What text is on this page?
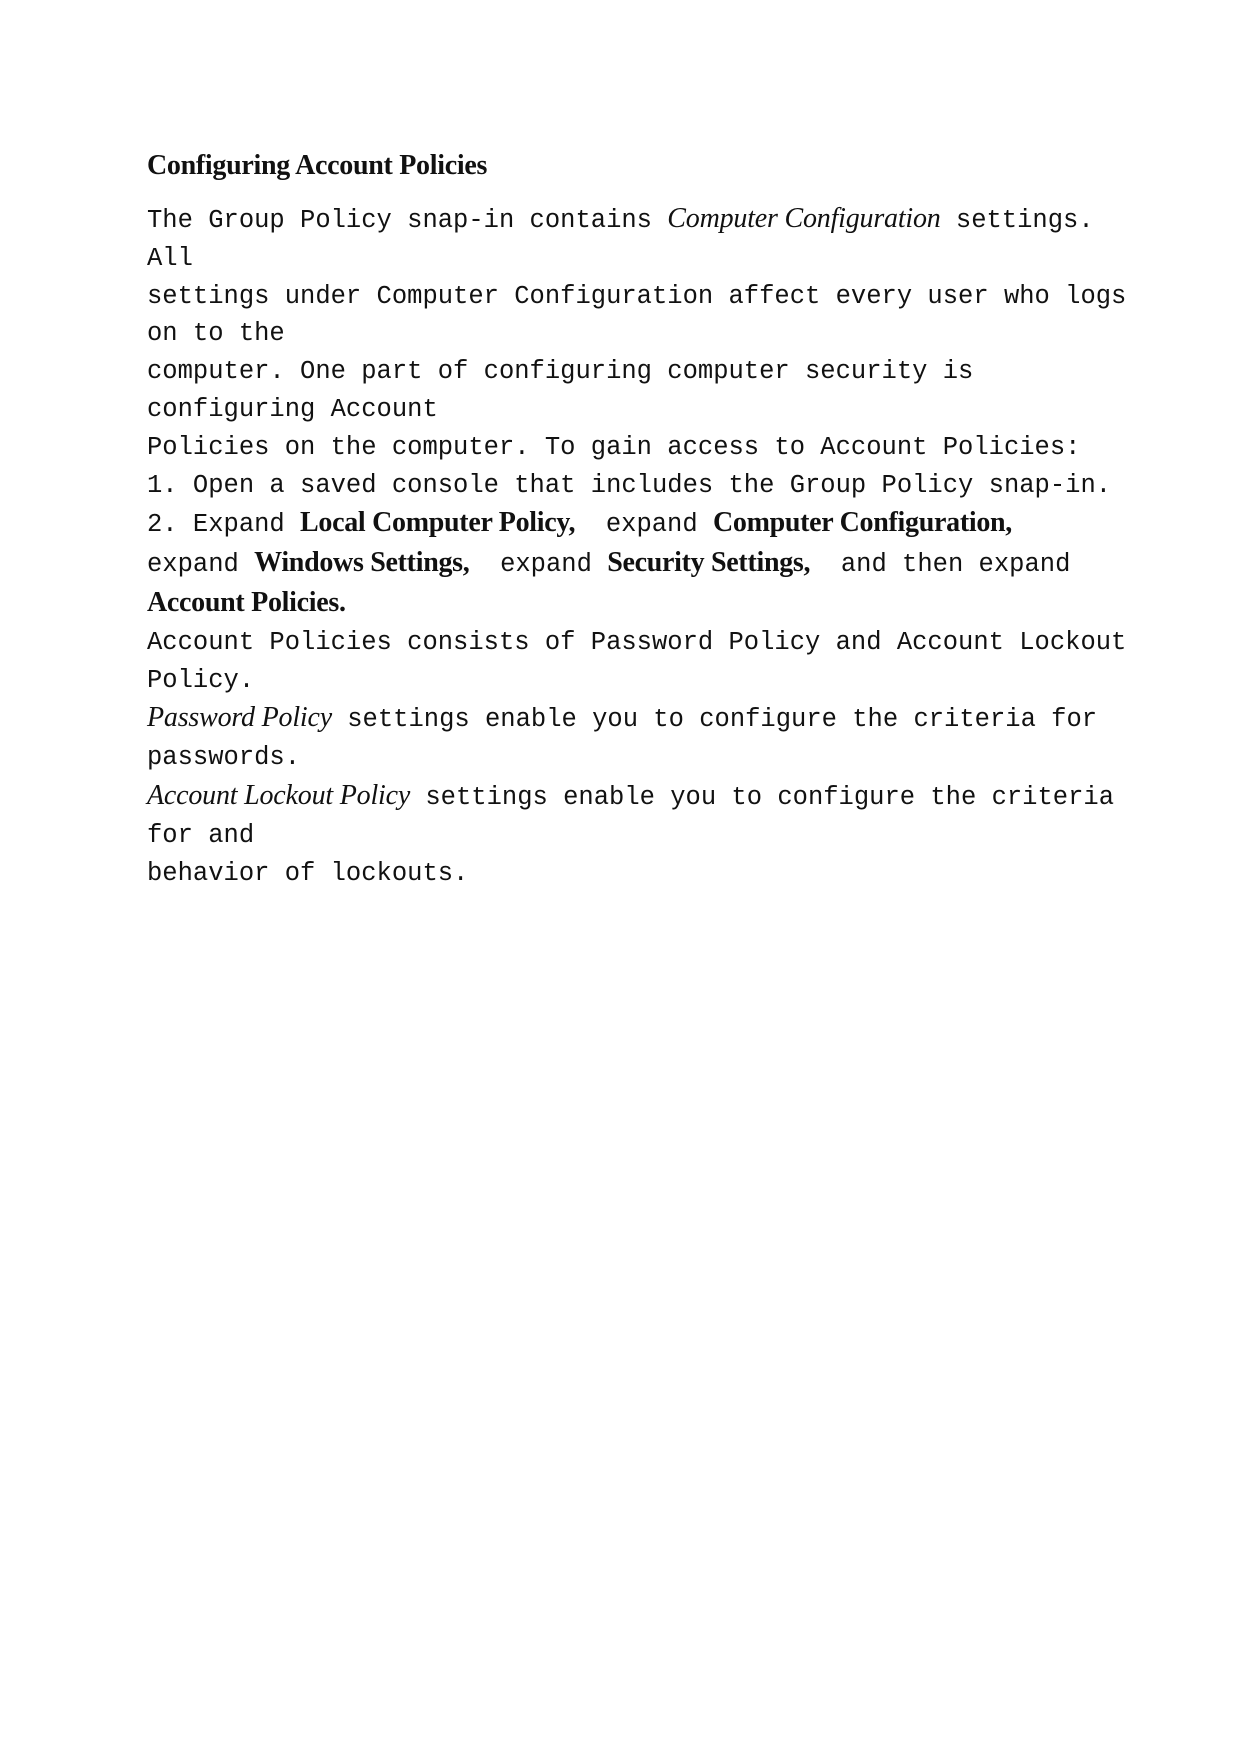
Configuring Account Policies
The Group Policy snap-in contains Computer Configuration settings.
All
settings under Computer Configuration affect every user who logs
on to the
computer. One part of configuring computer security is
configuring Account
Policies on the computer. To gain access to Account Policies:
1. Open a saved console that includes the Group Policy snap-in.
2. Expand Local Computer Policy,  expand Computer Configuration,
expand Windows Settings,  expand Security Settings,  and then expand
Account Policies.
Account Policies consists of Password Policy and Account Lockout
Policy.
Password Policy settings enable you to configure the criteria for
passwords.
Account Lockout Policy settings enable you to configure the criteria
for and
behavior of lockouts.
